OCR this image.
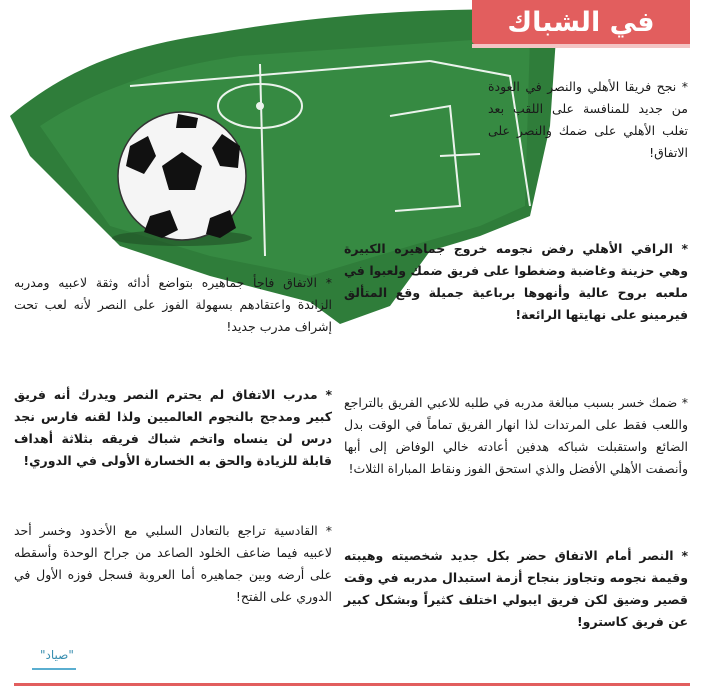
في الشباك

* نجح فريقا الأهلي والنصر في العودة من جديد للمنافسة على اللقب بعد تغلب الأهلي على ضمك والنصر على الاتفاق!

* الراقي الأهلي رفض نجومه خروج جماهيره الكبيرة وهي حزينة وغاضبة وضغطوا على فريق ضمك ولعبوا في ملعبه بروح عالية وأنهوها برباعية جميلة وقع المتألق فيرمينو على نهايتها الرائعة!

* ضمك خسر بسبب مبالغة مدربه في طلبه للاعبي الفريق بالتراجع واللعب فقط على المرتدات لذا انهار الفريق تماماً في الوقت بدل الضائع واستقبلت شباكه هدفين أعادته خالي الوفاض إلى أبها وأنصفت الأهلي الأفضل والذي استحق الفوز ونقاط المباراة الثلاث!

* النصر أمام الاتفاق حضر بكل جديد شخصيته وهيبته وقيمة نجومه وتجاوز بنجاح أزمة استبدال مدربه في وقت قصير وضيق لكن فريق ايبولي اختلف كثيراً وبشكل كبير عن فريق كاسترو!

* الاتفاق فاجأ جماهيره بتواضع أدائه وثقة لاعبيه ومدربه الزائدة واعتقادهم بسهولة الفوز على النصر لأنه لعب تحت إشراف مدرب جديد!

* مدرب الاتفاق لم يحترم النصر ويدرك أنه فريق كبير ومدجج بالنجوم العالميين ولذا لقنه فارس نجد درس لن ينساه واتخم شباك فريقه بثلاثة أهداف قابلة للزيادة والحق به الخسارة الأولى في الدوري!

* القادسية تراجع بالتعادل السلبي مع الأخدود وخسر أحد لاعبيه فيما ضاعف الخلود الصاعد من جراح الوحدة وأسقطه على أرضه وبين جماهيره أما العروبة فسجل فوزه الأول في الدوري على الفتح!

"صياد"
